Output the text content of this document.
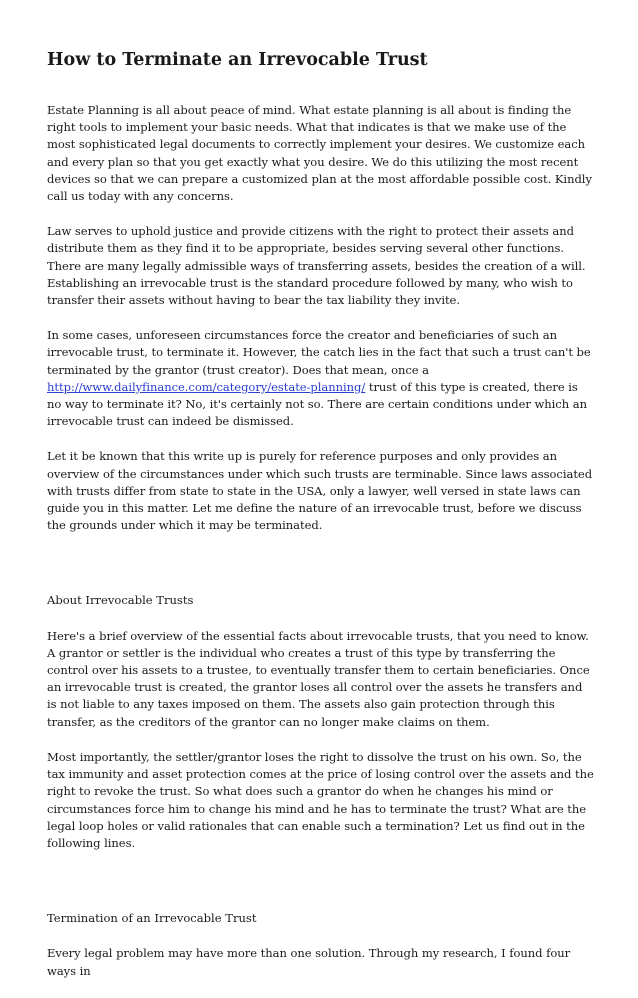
How to Terminate an Irrevocable Trust

Estate Planning is all about peace of mind. What estate planning is all about is finding the right tools to implement your basic needs. What that indicates is that we make use of the most sophisticated legal documents to correctly implement your desires. We customize each and every plan so that you get exactly what you desire. We do this utilizing the most recent devices so that we can prepare a customized plan at the most affordable possible cost. Kindly call us today with any concerns.

Law serves to uphold justice and provide citizens with the right to protect their assets and distribute them as they find it to be appropriate, besides serving several other functions. There are many legally admissible ways of transferring assets, besides the creation of a will. Establishing an irrevocable trust is the standard procedure followed by many, who wish to transfer their assets without having to bear the tax liability they invite.

In some cases, unforeseen circumstances force the creator and beneficiaries of such an irrevocable trust, to terminate it. However, the catch lies in the fact that such a trust can't be terminated by the grantor (trust creator). Does that mean, once a http://www.dailyfinance.com/category/estate-planning/ trust of this type is created, there is no way to terminate it? No, it's certainly not so. There are certain conditions under which an irrevocable trust can indeed be dismissed.

Let it be known that this write up is purely for reference purposes and only provides an overview of the circumstances under which such trusts are terminable. Since laws associated with trusts differ from state to state in the USA, only a lawyer, well versed in state laws can guide you in this matter. Let me define the nature of an irrevocable trust, before we discuss the grounds under which it may be terminated.

About Irrevocable Trusts

Here's a brief overview of the essential facts about irrevocable trusts, that you need to know. A grantor or settler is the individual who creates a trust of this type by transferring the control over his assets to a trustee, to eventually transfer them to certain beneficiaries. Once an irrevocable trust is created, the grantor loses all control over the assets he transfers and is not liable to any taxes imposed on them. The assets also gain protection through this transfer, as the creditors of the grantor can no longer make claims on them.

Most importantly, the settler/grantor loses the right to dissolve the trust on his own. So, the tax immunity and asset protection comes at the price of losing control over the assets and the right to revoke the trust. So what does such a grantor do when he changes his mind or circumstances force him to change his mind and he has to terminate the trust? What are the legal loop holes or valid rationales that can enable such a termination? Let us find out in the following lines.

Termination of an Irrevocable Trust

Every legal problem may have more than one solution. Through my research, I found four ways in
